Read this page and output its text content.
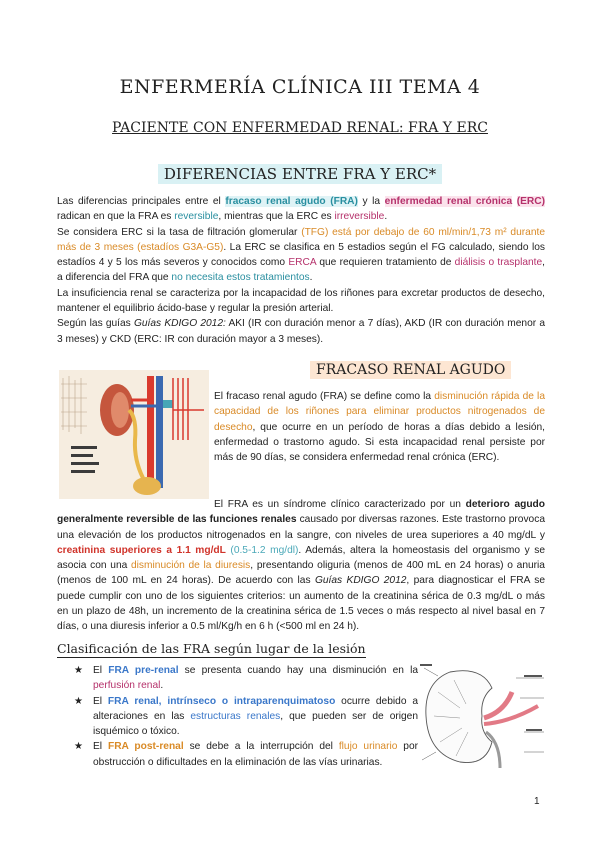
ENFERMERÍA CLÍNICA III TEMA 4
PACIENTE CON ENFERMEDAD RENAL: FRA Y ERC
DIFERENCIAS ENTRE FRA Y ERC*
Las diferencias principales entre el fracaso renal agudo (FRA) y la enfermedad renal crónica (ERC) radican en que la FRA es reversible, mientras que la ERC es irreversible.
Se considera ERC si la tasa de filtración glomerular (TFG) está por debajo de 60 ml/min/1,73 m² durante más de 3 meses (estadíos G3A-G5). La ERC se clasifica en 5 estadios según el FG calculado, siendo los estadíos 4 y 5 los más severos y conocidos como ERCA que requieren tratamiento de diálisis o trasplante, a diferencia del FRA que no necesita estos tratamientos.
La insuficiencia renal se caracteriza por la incapacidad de los riñones para excretar productos de desecho, mantener el equilibrio ácido-base y regular la presión arterial.
Según las guías Guías KDIGO 2012: AKI (IR con duración menor a 7 días), AKD (IR con duración menor a 3 meses) y CKD (ERC: IR con duración mayor a 3 meses).
FRACASO RENAL AGUDO
El fracaso renal agudo (FRA) se define como la disminución rápida de la capacidad de los riñones para eliminar productos nitrogenados de desecho, que ocurre en un período de horas a días debido a lesión, enfermedad o trastorno agudo. Si esta incapacidad renal persiste por más de 90 días, se considera enfermedad renal crónica (ERC).
El FRA es un síndrome clínico caracterizado por un deterioro agudo generalmente reversible de las funciones renales causado por diversas razones. Este trastorno provoca una elevación de los productos nitrogenados en la sangre, con niveles de urea superiores a 40 mg/dL y creatinina superiores a 1.1 mg/dL (0.5-1.2 mg/dl). Además, altera la homeostasis del organismo y se asocia con una disminución de la diuresis, presentando oliguria (menos de 400 mL en 24 horas) o anuria (menos de 100 mL en 24 horas). De acuerdo con las Guías KDIGO 2012, para diagnosticar el FRA se puede cumplir con uno de los siguientes criterios: un aumento de la creatinina sérica de 0.3 mg/dL o más en un plazo de 48h, un incremento de la creatinina sérica de 1.5 veces o más respecto al nivel basal en 7 días, o una diuresis inferior a 0.5 ml/Kg/h en 6 h (<500 ml en 24 h).
Clasificación de las FRA según lugar de la lesión
★ El FRA pre-renal se presenta cuando hay una disminución en la perfusión renal.
★ El FRA renal, intrínseco o intraparenquimatoso ocurre debido a alteraciones en las estructuras renales, que pueden ser de origen isquémico o tóxico.
★ El FRA post-renal se debe a la interrupción del flujo urinario por obstrucción o dificultades en la eliminación de las vías urinarias.
1
